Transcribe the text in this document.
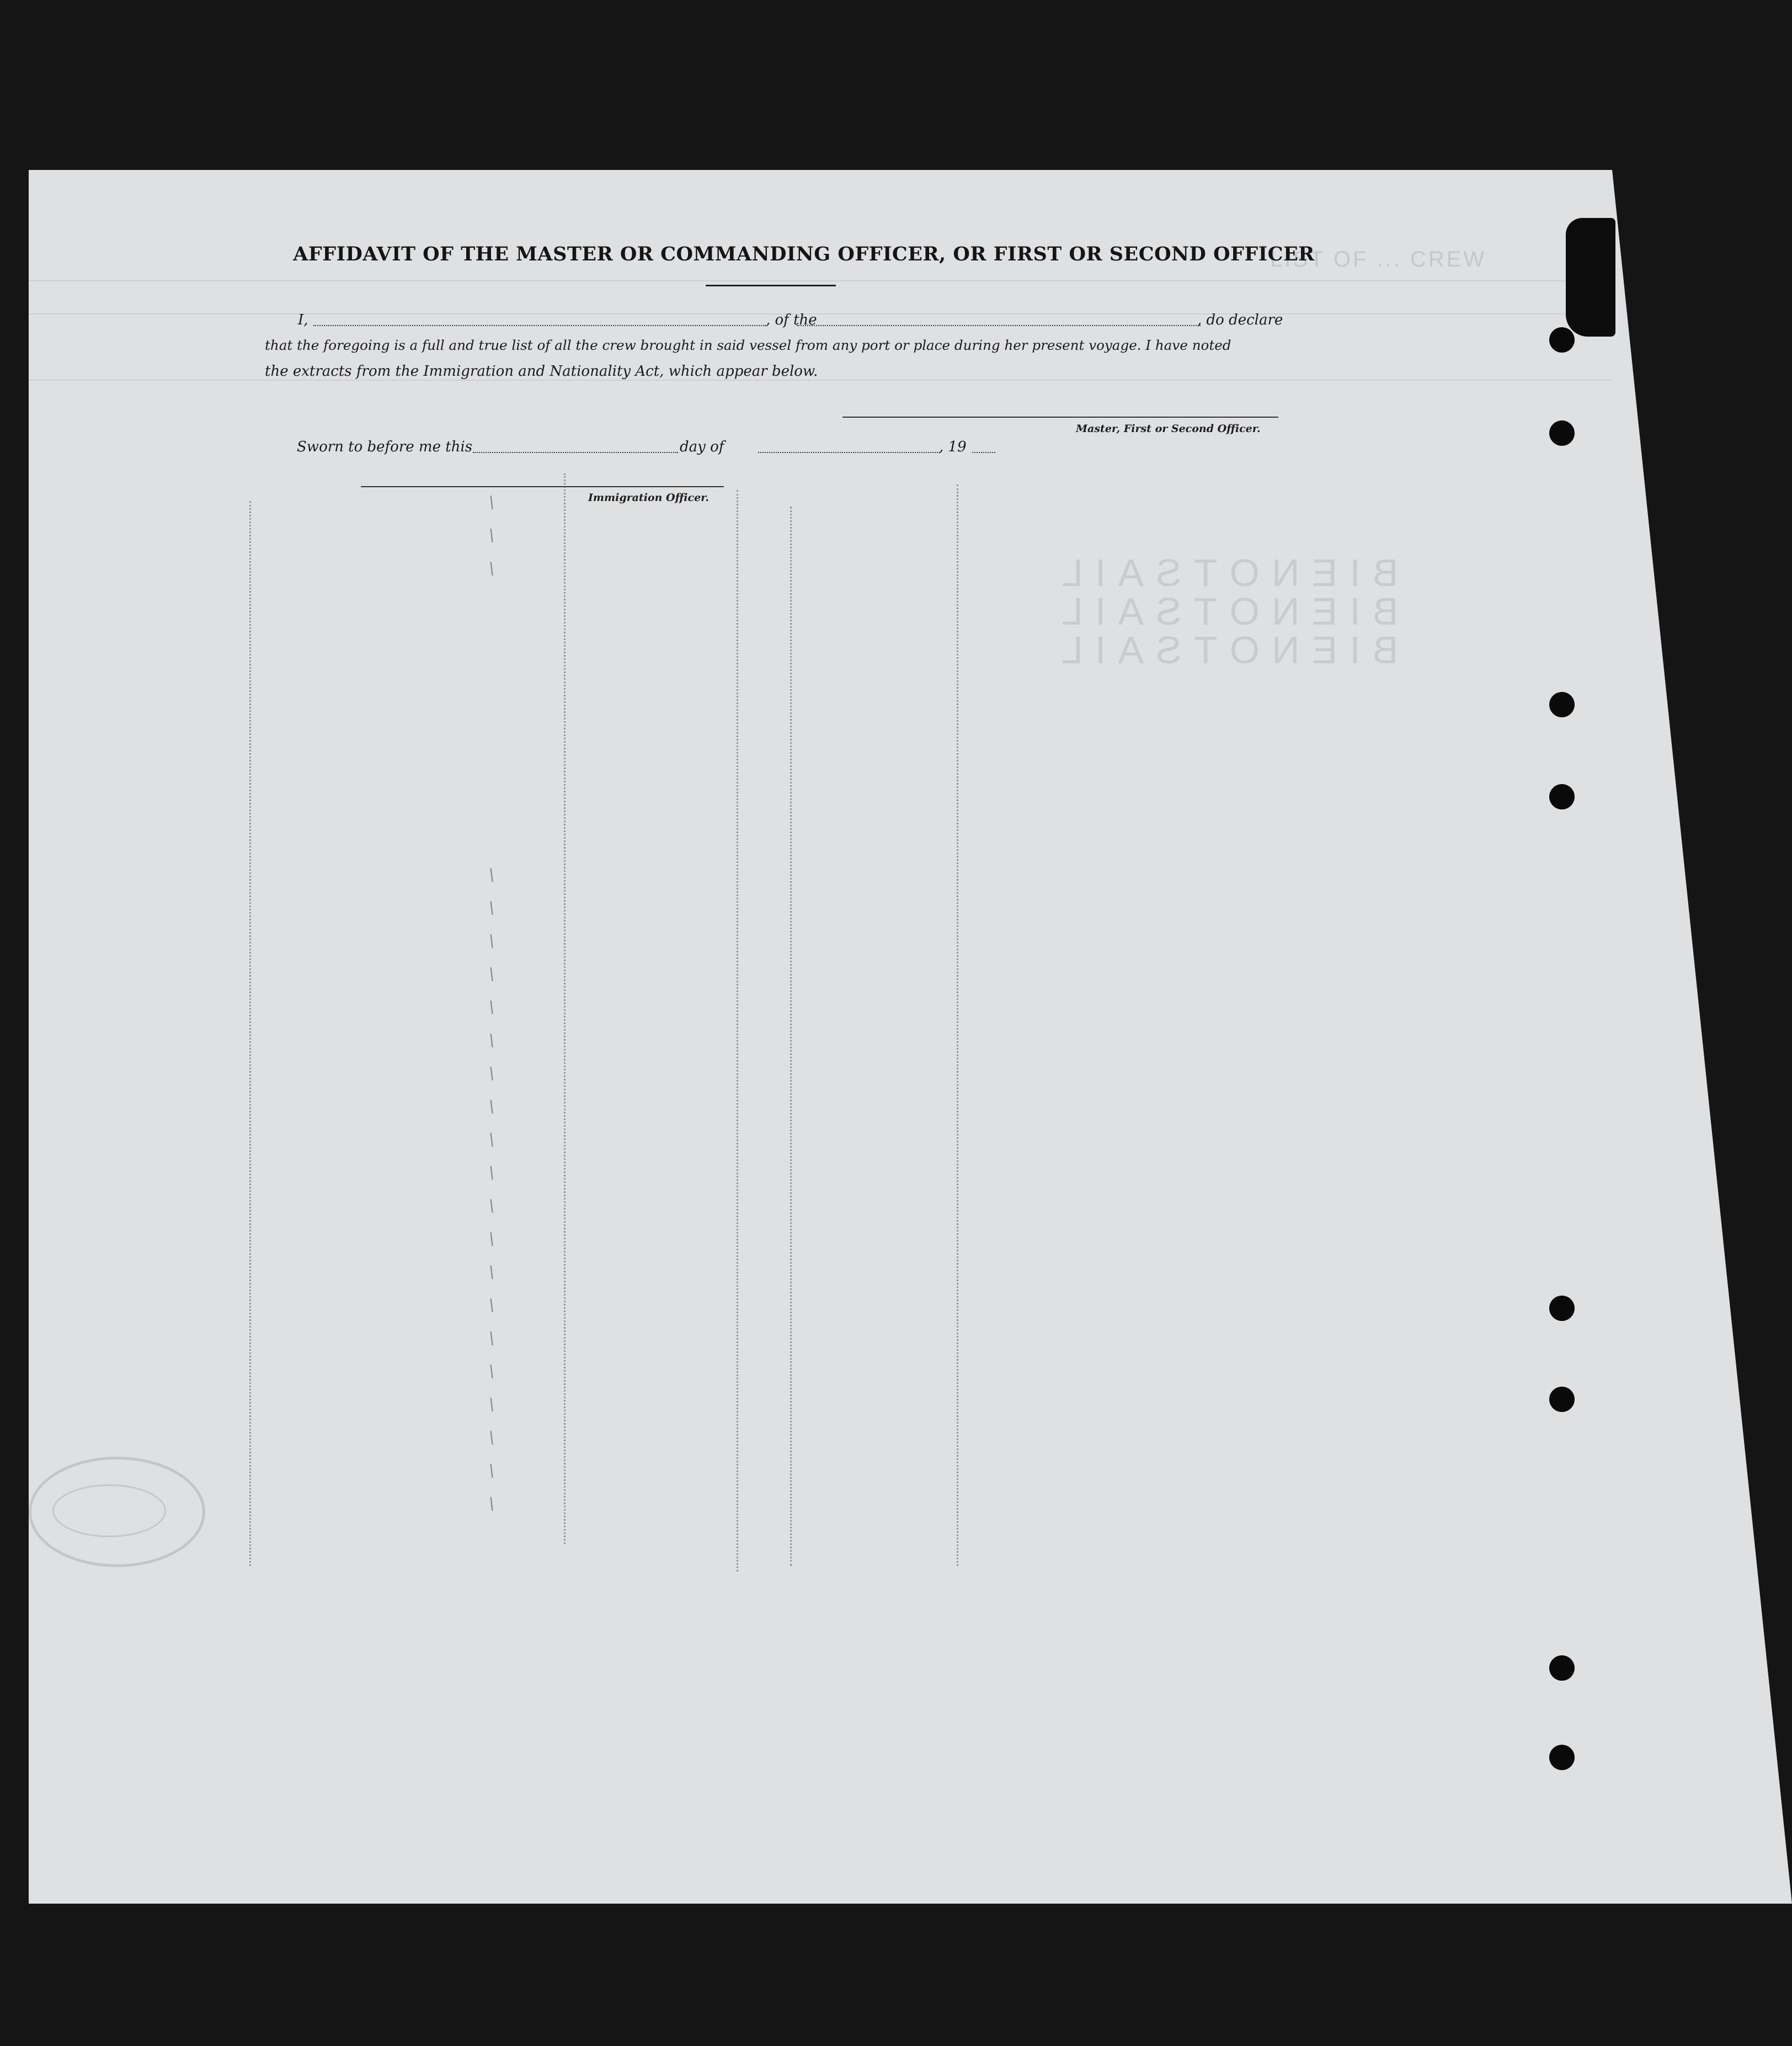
LIST OF ... CREW
BIENOTSAIL
BIENOTSAIL
BIENOTSAIL
AFFIDAVIT OF THE MASTER OR COMMANDING OFFICER, OR FIRST OR SECOND OFFICER
I,	, of the	, do declare
that the foregoing is a full and true list of all the crew brought in said vessel from any port or place during her present voyage. I have noted
the extracts from the Immigration and Nationality Act, which appear below.
Master, First or Second Officer.
Sworn to before me this	day of	, 19
Immigration Officer.
\
\
\
\
\
\
\
\
\
\
\
\
\
\
\
\
\
\
\
\
\
\
\
